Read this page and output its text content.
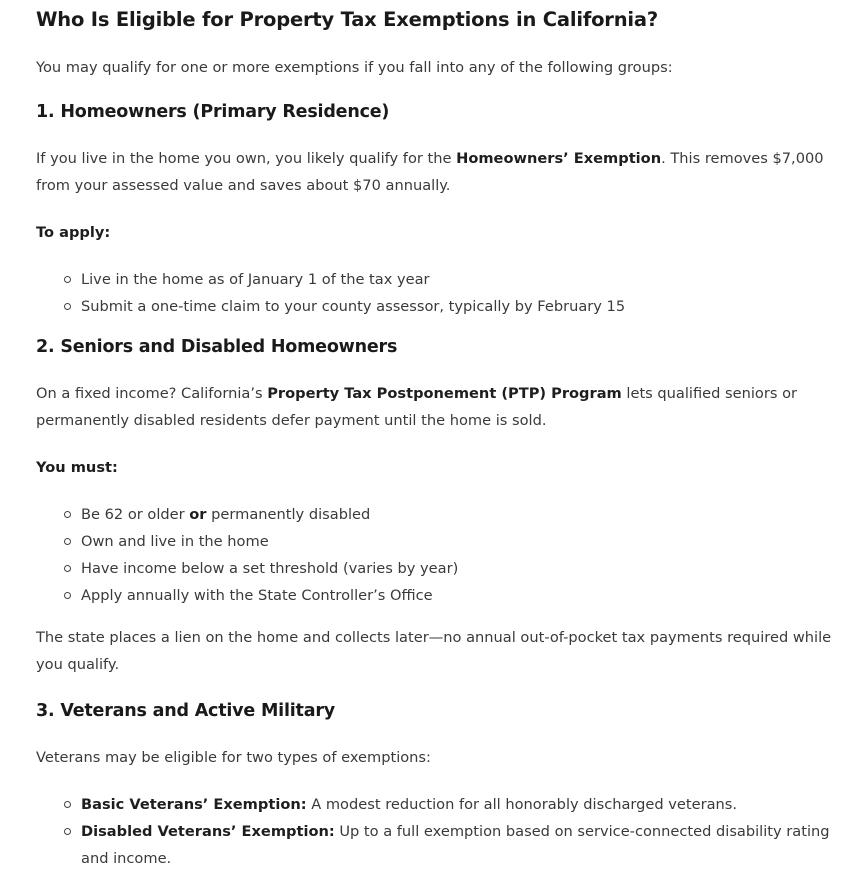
Who Is Eligible for Property Tax Exemptions in California?

You may qualify for one or more exemptions if you fall into any of the following groups:

1. Homeowners (Primary Residence)

If you live in the home you own, you likely qualify for the Homeowners’ Exemption. This removes $7,000 from your assessed value and saves about $70 annually.

To apply:

Live in the home as of January 1 of the tax year
Submit a one-time claim to your county assessor, typically by February 15
2. Seniors and Disabled Homeowners

On a fixed income? California’s Property Tax Postponement (PTP) Program lets qualified seniors or permanently disabled residents defer payment until the home is sold.

You must:

Be 62 or older or permanently disabled
Own and live in the home
Have income below a set threshold (varies by year)
Apply annually with the State Controller’s Office

The state places a lien on the home and collects later—no annual out-of-pocket tax payments required while you qualify.

3. Veterans and Active Military

Veterans may be eligible for two types of exemptions:

Basic Veterans’ Exemption: A modest reduction for all honorably discharged veterans.
Disabled Veterans’ Exemption: Up to a full exemption based on service-connected disability rating and income.
